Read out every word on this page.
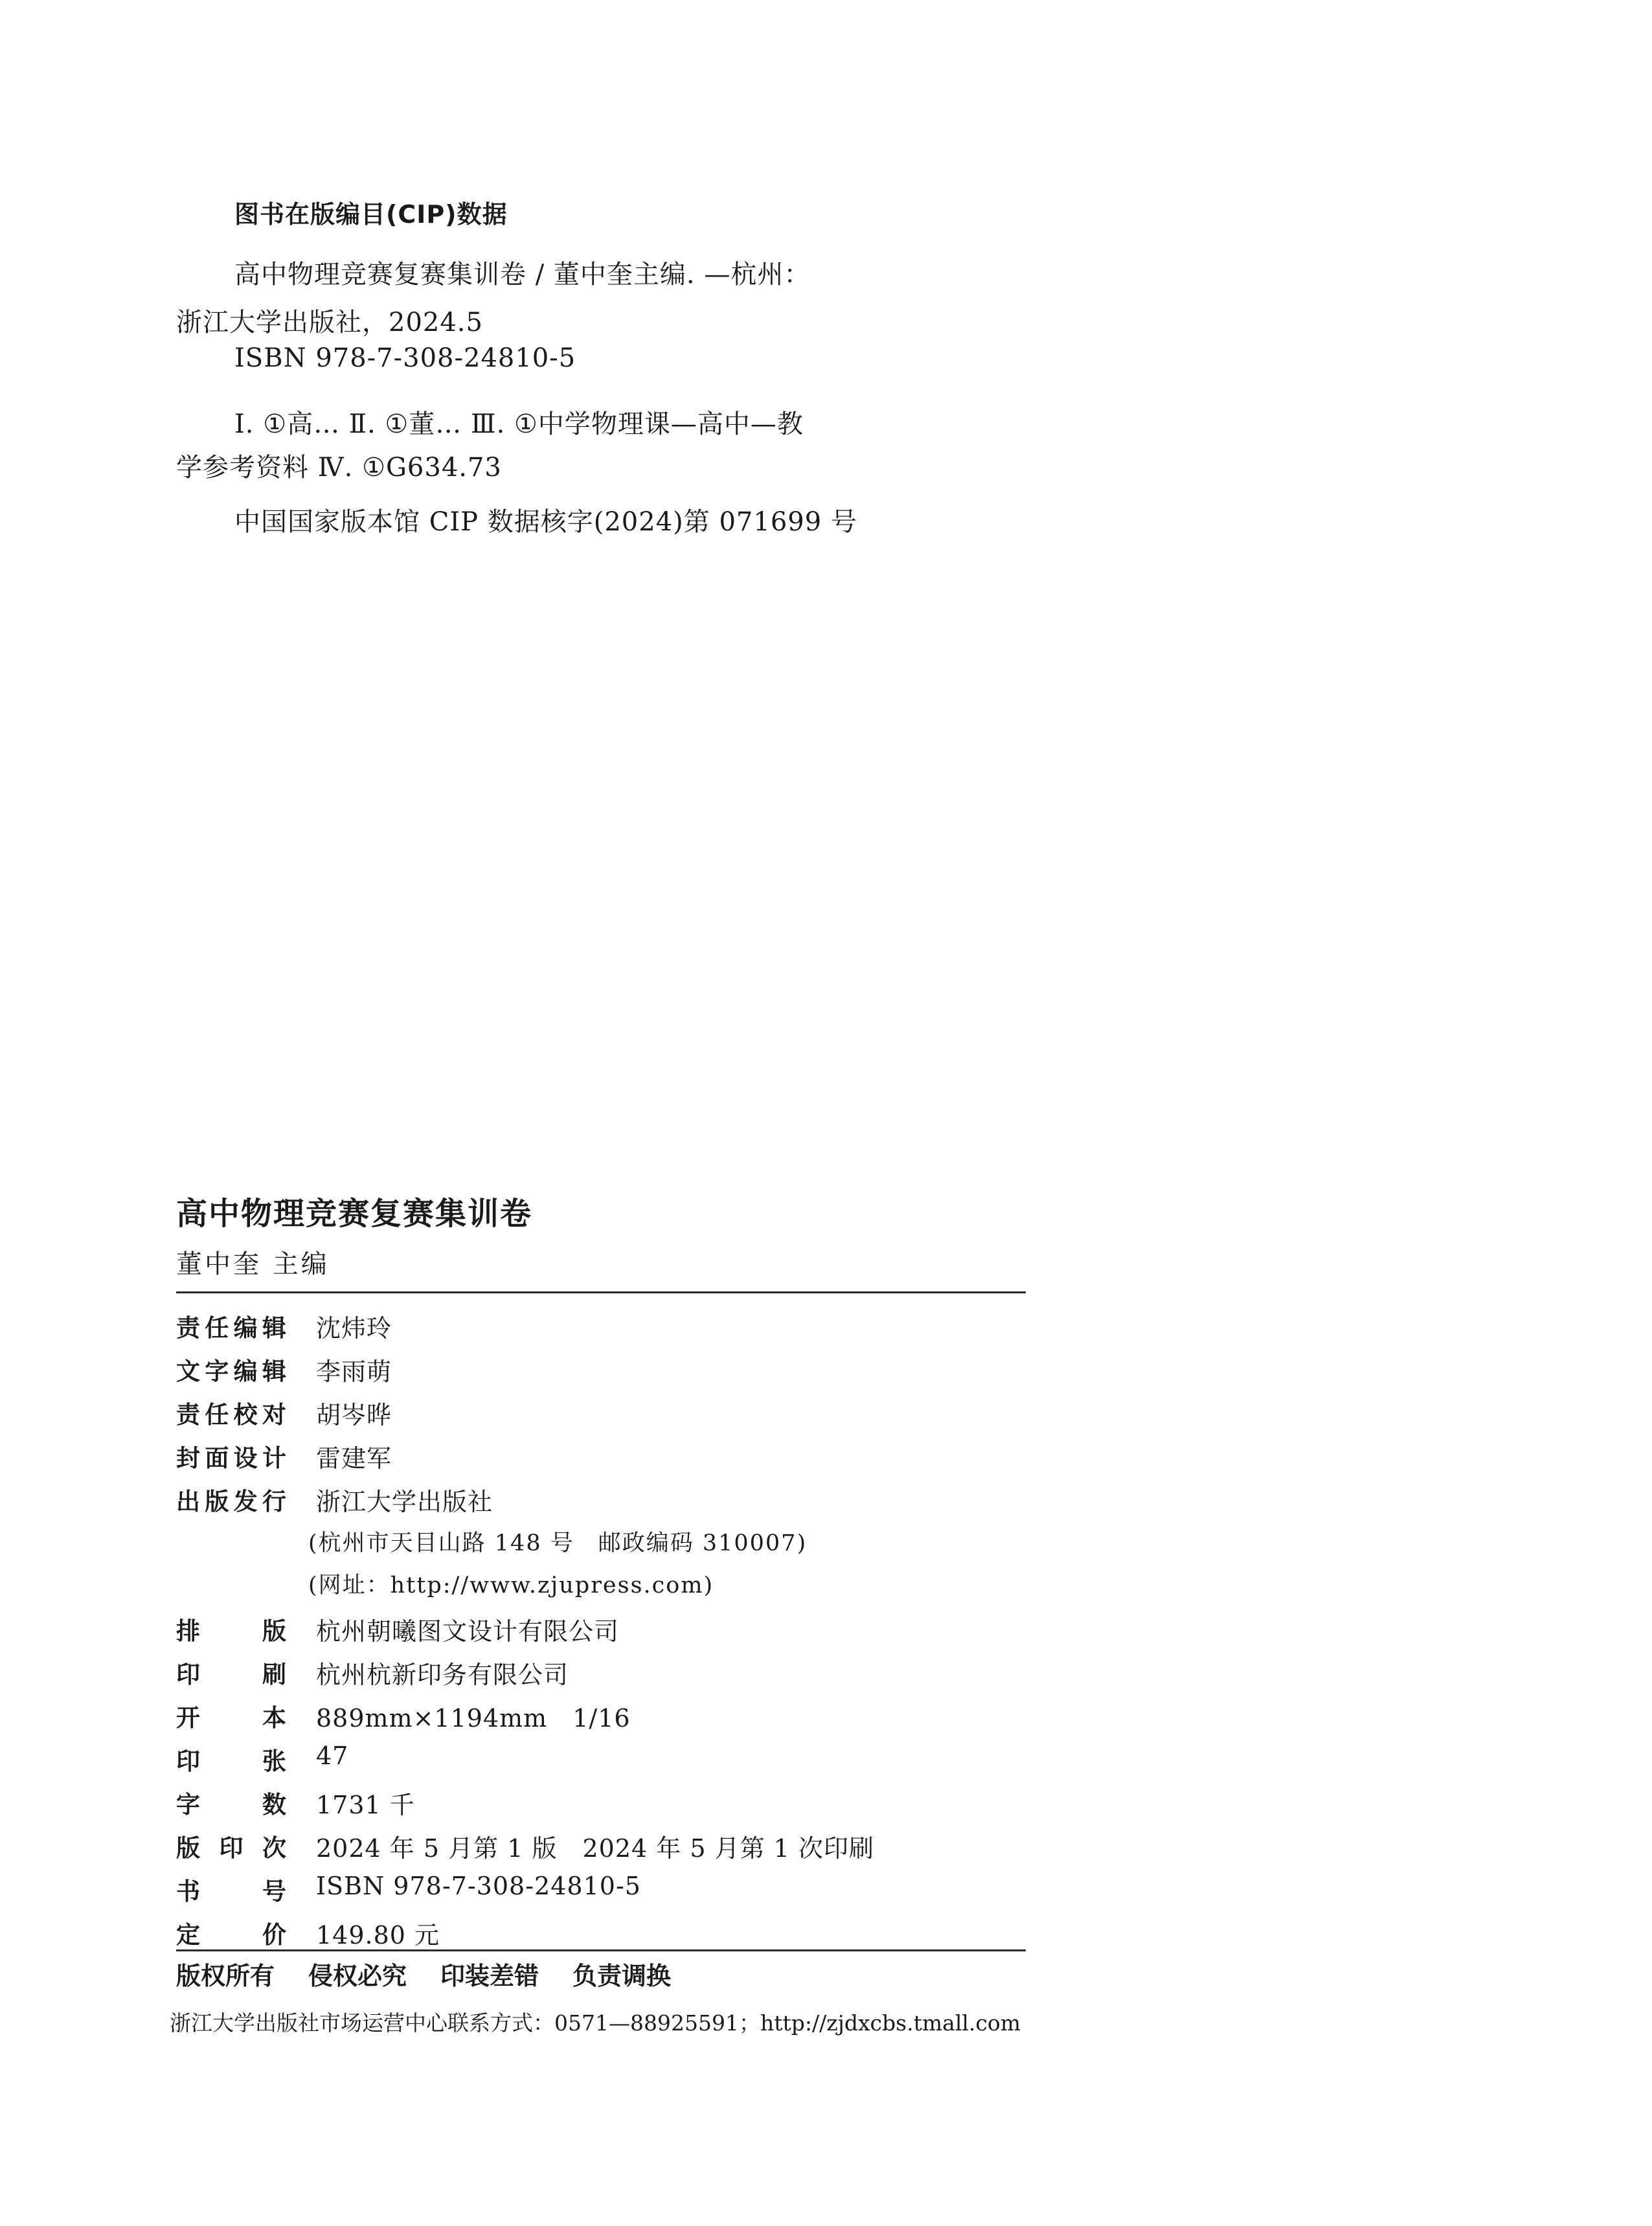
图书在版编目(CIP)数据
高中物理竞赛复赛集训卷 / 董中奎主编. —杭州：
浙江大学出版社，2024.5
ISBN 978-7-308-24810-5
Ⅰ. ①高… Ⅱ. ①董… Ⅲ. ①中学物理课—高中—教
学参考资料 Ⅳ. ①G634.73
中国国家版本馆 CIP 数据核字(2024)第 071699 号
高中物理竞赛复赛集训卷
董中奎 主编
责任编辑 沈炜玲
文字编辑 李雨萌
责任校对 胡岑晔
封面设计 雷建军
出版发行 浙江大学出版社
(杭州市天目山路 148 号　邮政编码 310007)
(网址：http://www.zjupress.com)
排版 杭州朝曦图文设计有限公司
印刷 杭州杭新印务有限公司
开本 889mm×1194mm　1/16
印张 47
字数 1731 千
版印次 2024 年 5 月第 1 版　2024 年 5 月第 1 次印刷
书号 ISBN 978-7-308-24810-5
定价 149.80 元
版权所有 侵权必究 印装差错 负责调换
浙江大学出版社市场运营中心联系方式：0571—88925591；http://zjdxcbs.tmall.com
